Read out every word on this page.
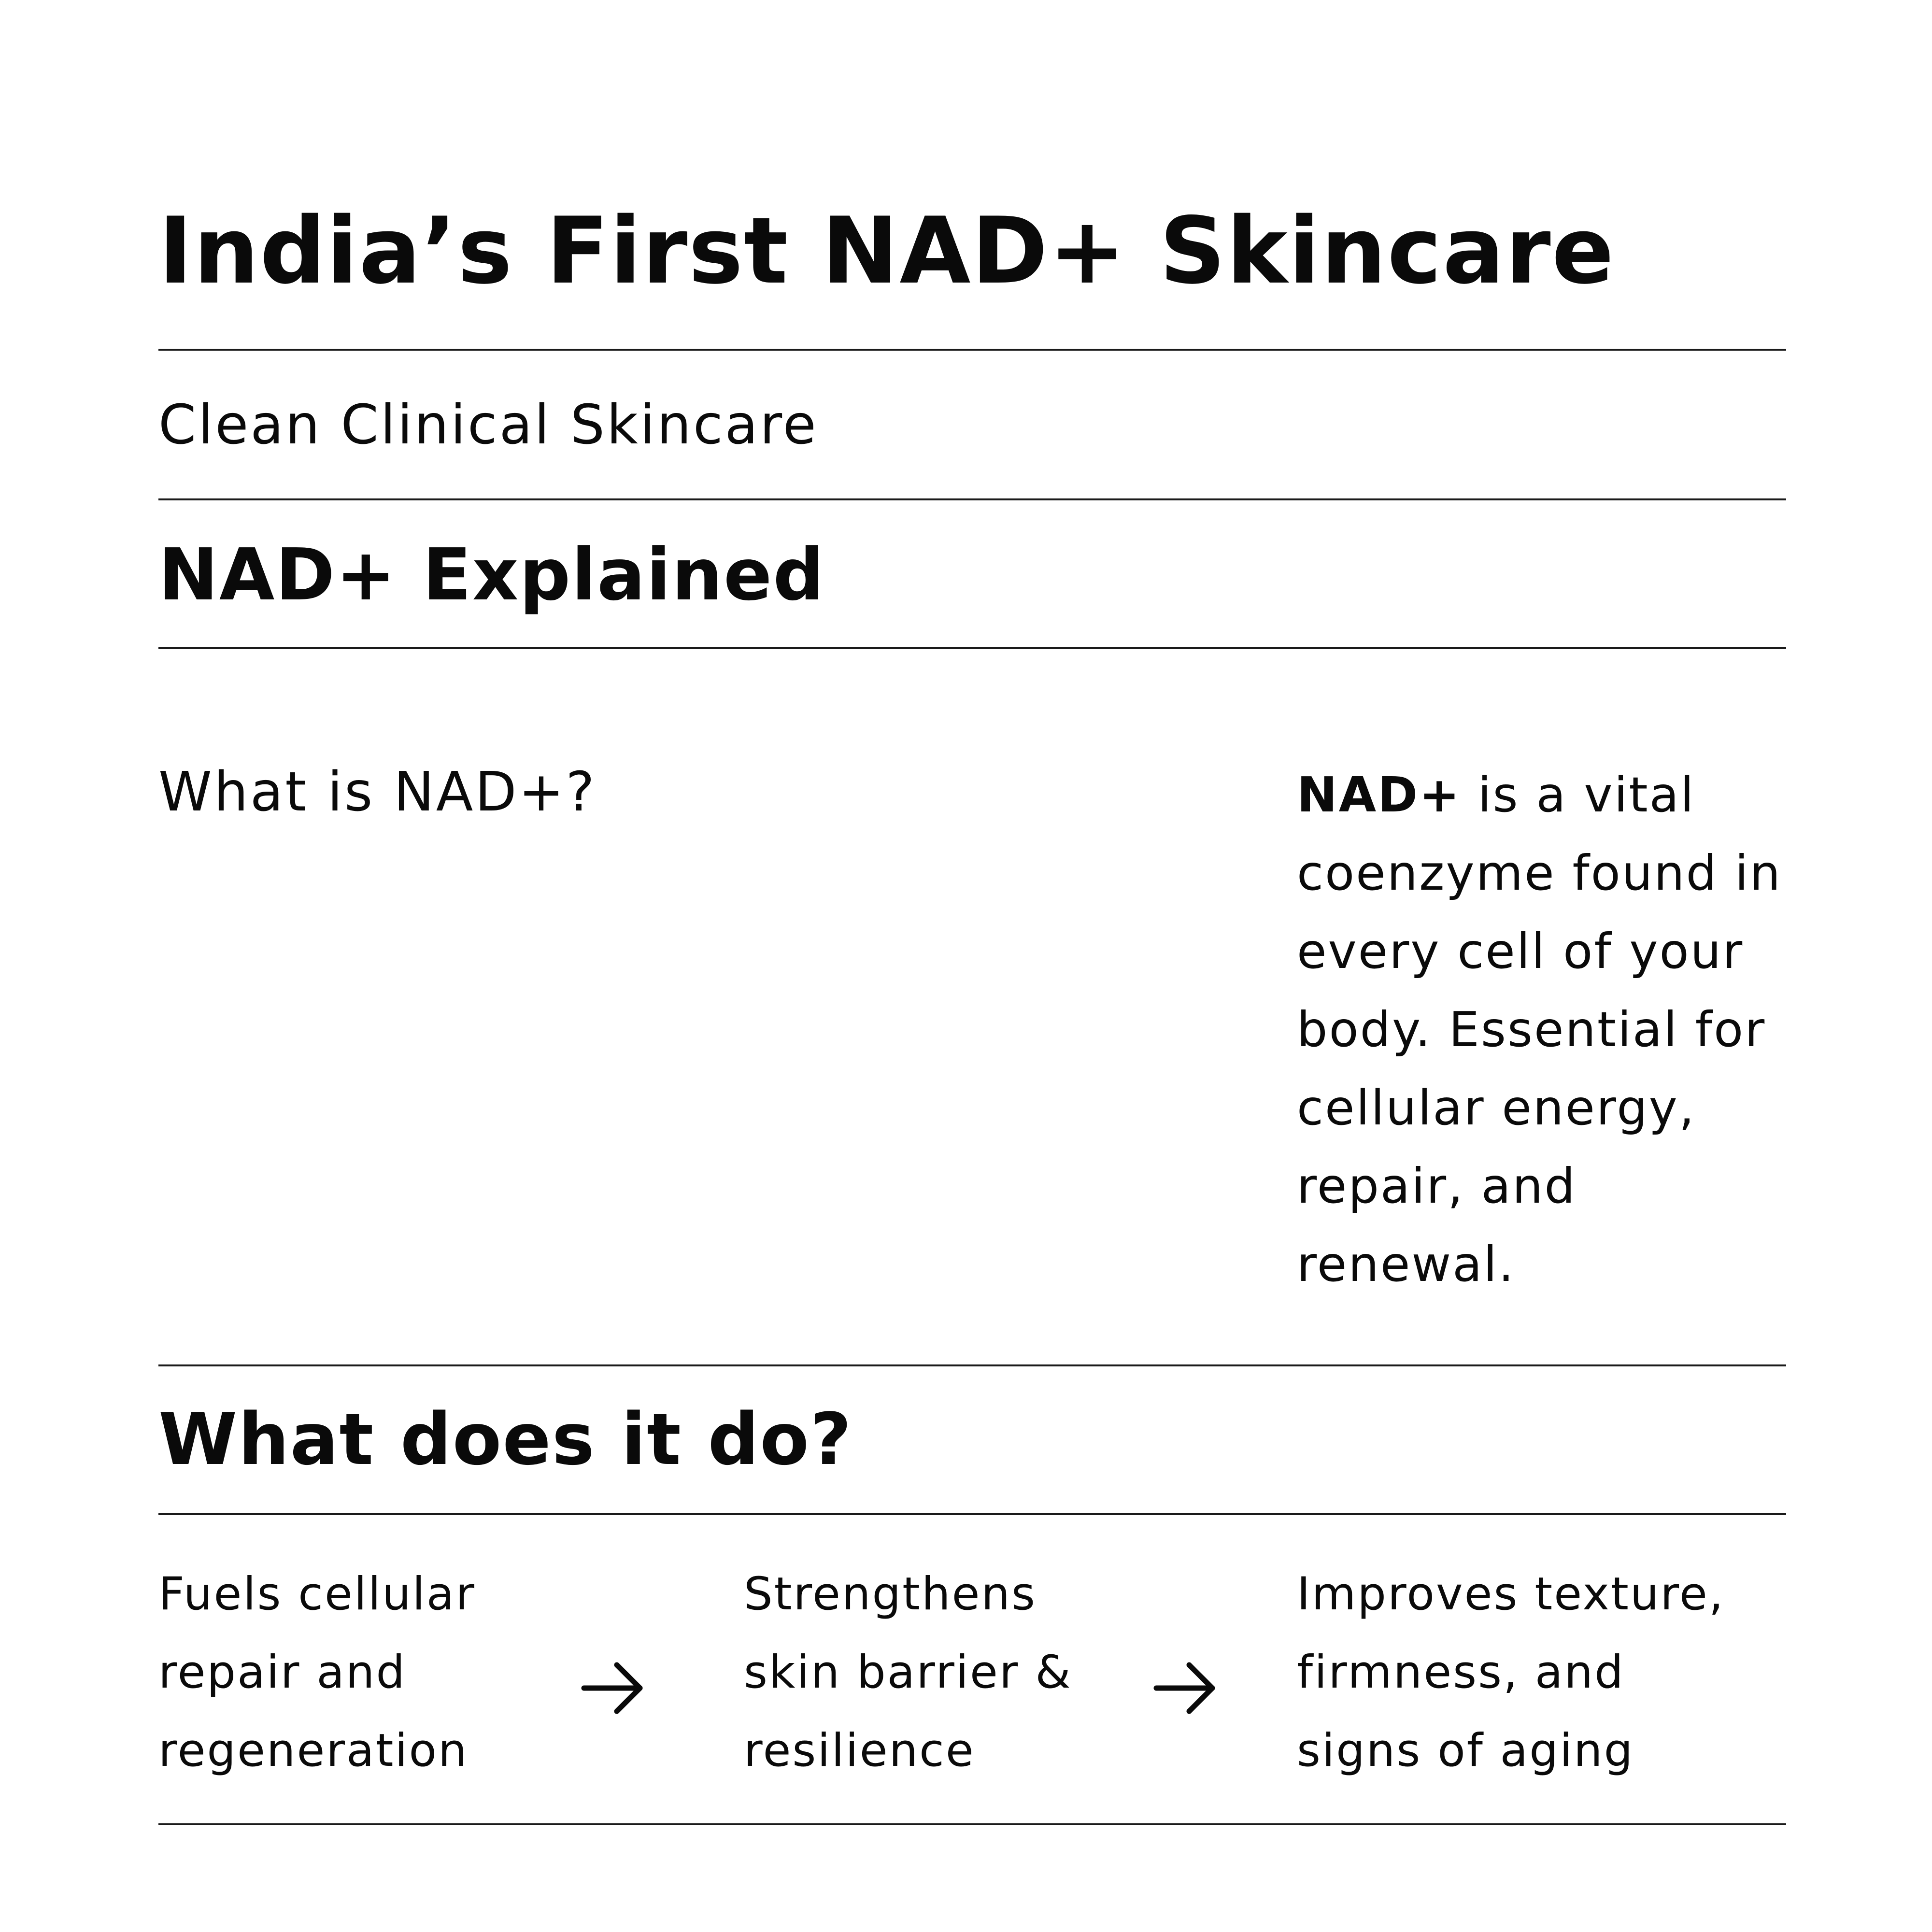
India’s First NAD+ Skincare
Clean Clinical Skincare
NAD+ Explained
What is NAD+?	NAD+ is a vital
coenzyme found in
every cell of your
body. Essential for
cellular energy,
repair, and
renewal.
What does it do?
Fuels cellular
repair and
regeneration
Strengthens
skin barrier &
resilience
Improves texture,
firmness, and
signs of aging
